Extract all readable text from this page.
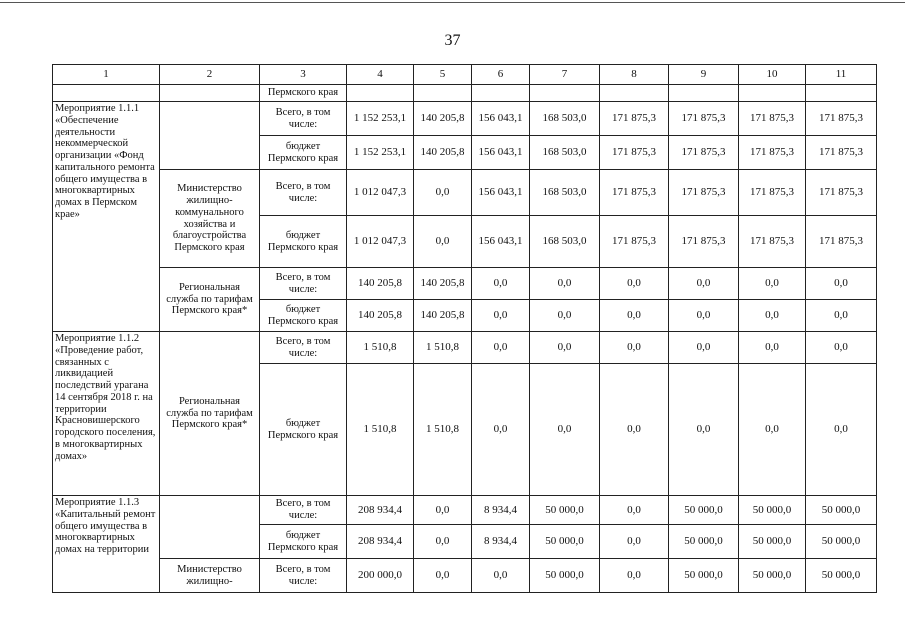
37
1	2	3	4	5	6	7	8	9	10	11
		Пермского края								
Мероприятие 1.1.1 «Обеспечение деятельности некоммерческой организации «Фонд капитального ремонта общего имущества в многоквартирных домах в Пермском крае»		Всего, в том числе:	1 152 253,1	140 205,8	156 043,1	168 503,0	171 875,3	171 875,3	171 875,3	171 875,3
		бюджет Пермского края	1 152 253,1	140 205,8	156 043,1	168 503,0	171 875,3	171 875,3	171 875,3	171 875,3
	Министерство жилищно-коммунального хозяйства и благоустройства Пермского края	Всего, в том числе:	1 012 047,3	0,0	156 043,1	168 503,0	171 875,3	171 875,3	171 875,3	171 875,3
		бюджет Пермского края	1 012 047,3	0,0	156 043,1	168 503,0	171 875,3	171 875,3	171 875,3	171 875,3
	Региональная служба по тарифам Пермского края*	Всего, в том числе:	140 205,8	140 205,8	0,0	0,0	0,0	0,0	0,0	0,0
		бюджет Пермского края	140 205,8	140 205,8	0,0	0,0	0,0	0,0	0,0	0,0
Мероприятие 1.1.2 «Проведение работ, связанных с ликвидацией последствий урагана 14 сентября 2018 г. на территории Красновишерского городского поселения, в многоквартирных домах»	Региональная служба по тарифам Пермского края*	Всего, в том числе:	1 510,8	1 510,8	0,0	0,0	0,0	0,0	0,0	0,0
		бюджет Пермского края	1 510,8	1 510,8	0,0	0,0	0,0	0,0	0,0	0,0
Мероприятие 1.1.3 «Капитальный ремонт общего имущества в многоквартирных домах на территории		Всего, в том числе:	208 934,4	0,0	8 934,4	50 000,0	0,0	50 000,0	50 000,0	50 000,0
		бюджет Пермского края	208 934,4	0,0	8 934,4	50 000,0	0,0	50 000,0	50 000,0	50 000,0
	Министерство жилищно-	Всего, в том числе:	200 000,0	0,0	0,0	50 000,0	0,0	50 000,0	50 000,0	50 000,0
